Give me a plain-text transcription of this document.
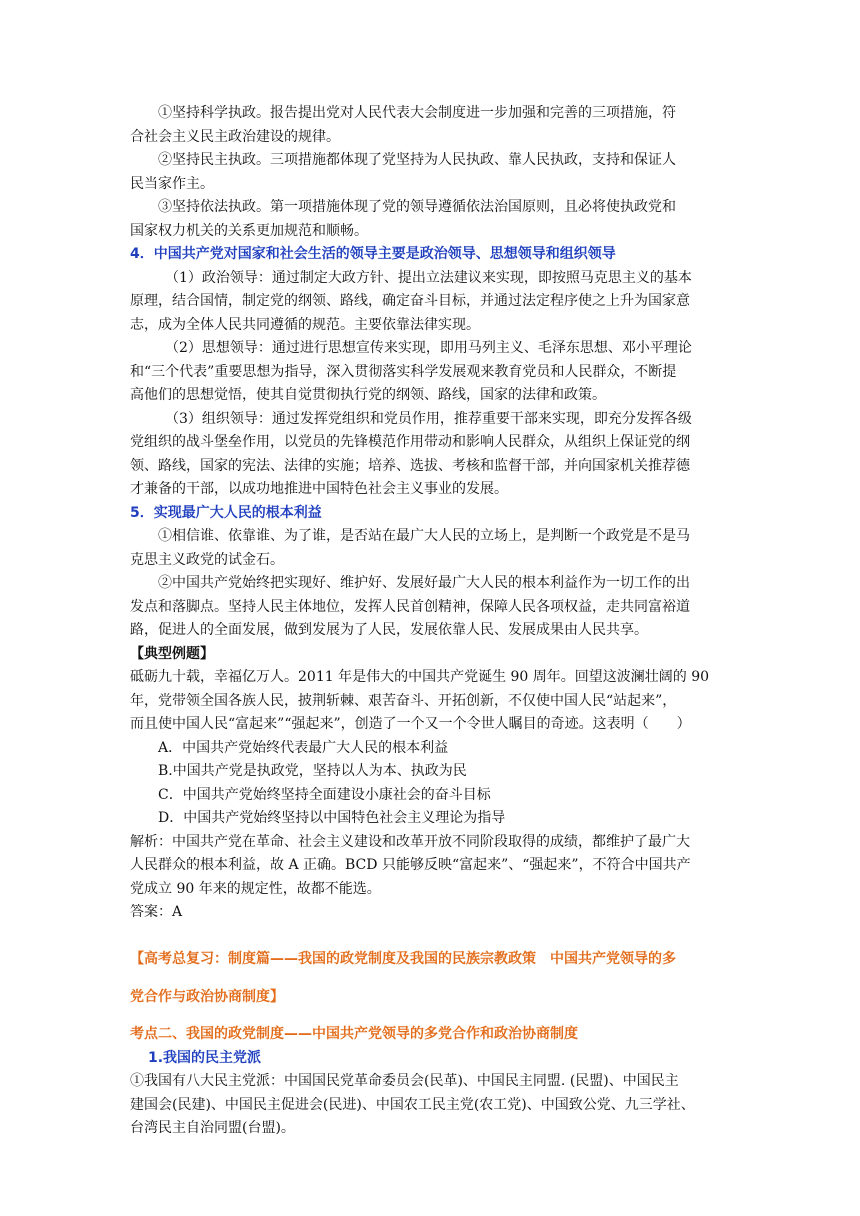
①坚持科学执政。报告提出党对人民代表大会制度进一步加强和完善的三项措施，符
合社会主义民主政治建设的规律。
②坚持民主执政。三项措施都体现了党坚持为人民执政、靠人民执政，支持和保证人
民当家作主。
③坚持依法执政。第一项措施体现了党的领导遵循依法治国原则，且必将使执政党和
国家权力机关的关系更加规范和顺畅。
4．中国共产党对国家和社会生活的领导主要是政治领导、思想领导和组织领导
（1）政治领导：通过制定大政方针、提出立法建议来实现，即按照马克思主义的基本
原理，结合国情，制定党的纲领、路线，确定奋斗目标，并通过法定程序使之上升为国家意
志，成为全体人民共同遵循的规范。主要依靠法律实现。
（2）思想领导：通过进行思想宣传来实现，即用马列主义、毛泽东思想、邓小平理论
和“三个代表”重要思想为指导，深入贯彻落实科学发展观来教育党员和人民群众，不断提
高他们的思想觉悟，使其自觉贯彻执行党的纲领、路线，国家的法律和政策。
（3）组织领导：通过发挥党组织和党员作用，推荐重要干部来实现，即充分发挥各级
党组织的战斗堡垒作用，以党员的先锋模范作用带动和影响人民群众，从组织上保证党的纲
领、路线，国家的宪法、法律的实施；培养、选拔、考核和监督干部，并向国家机关推荐德
才兼备的干部，以成功地推进中国特色社会主义事业的发展。
5．实现最广大人民的根本利益
①相信谁、依靠谁、为了谁，是否站在最广大人民的立场上，是判断一个政党是不是马
克思主义政党的试金石。
②中国共产党始终把实现好、维护好、发展好最广大人民的根本利益作为一切工作的出
发点和落脚点。坚持人民主体地位，发挥人民首创精神，保障人民各项权益，走共同富裕道
路，促进人的全面发展，做到发展为了人民，发展依靠人民、发展成果由人民共享。
【典型例题】
砥砺九十载，幸福亿万人。2011 年是伟大的中国共产党诞生 90 周年。回望这波澜壮阔的 90
年，党带领全国各族人民，披荆斩棘、艰苦奋斗、开拓创新，不仅使中国人民“站起来”，
而且使中国人民“富起来”“强起来”，创造了一个又一个令世人瞩目的奇迹。这表明（　　）
A．中国共产党始终代表最广大人民的根本利益
B.中国共产党是执政党，坚持以人为本、执政为民
C．中国共产党始终坚持全面建设小康社会的奋斗目标
D．中国共产党始终坚持以中国特色社会主义理论为指导
解析：中国共产党在革命、社会主义建设和改革开放不同阶段取得的成绩，都维护了最广大
人民群众的根本利益，故 A 正确。BCD 只能够反映“富起来”、“强起来”，不符合中国共产
党成立 90 年来的规定性，故都不能选。
答案：A
【高考总复习：制度篇——我国的政党制度及我国的民族宗教政策　中国共产党领导的多
党合作与政治协商制度】
考点二、我国的政党制度——中国共产党领导的多党合作和政治协商制度
1.我国的民主党派
①我国有八大民主党派：中国国民党革命委员会(民革)、中国民主同盟. (民盟)、中国民主
建国会(民建)、中国民主促进会(民进)、中国农工民主党(农工党)、中国致公党、九三学社、
台湾民主自治同盟(台盟)。
